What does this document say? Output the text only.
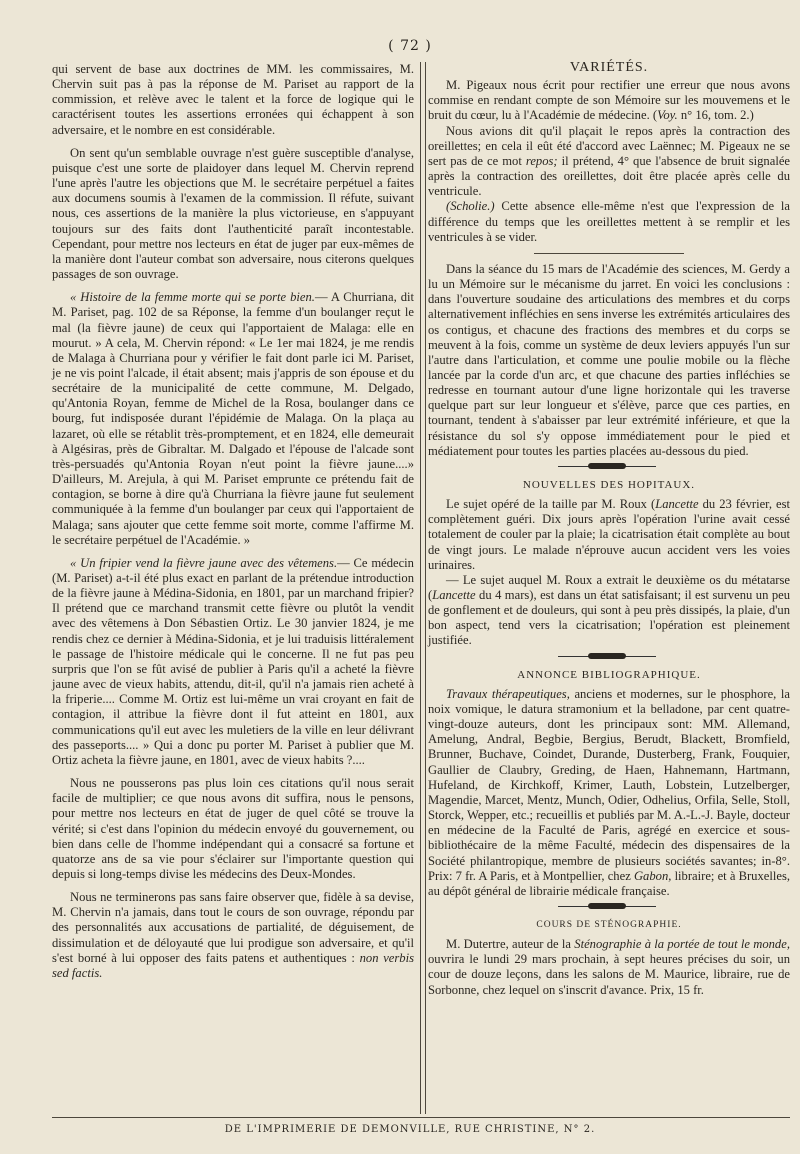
( 72 )

qui servent de base aux doctrines de MM. les commissaires, M. Chervin suit pas à pas la réponse de M. Pariset au rapport de la commission, et relève avec le talent et la force de logique qui le caractérisent toutes les assertions erronées qui échappent à son adversaire, et le nombre en est considérable.

On sent qu'un semblable ouvrage n'est guère susceptible d'analyse, puisque c'est une sorte de plaidoyer dans lequel M. Chervin reprend l'une après l'autre les objections que M. le secrétaire perpétuel a faites aux documens soumis à l'examen de la commission. Il réfute, suivant nous, ces assertions de la manière la plus victorieuse, en s'appuyant toujours sur des faits dont l'authenticité paraît incontestable. Cependant, pour mettre nos lecteurs en état de juger par eux-mêmes de la manière dont l'auteur combat son adversaire, nous citerons quelques passages de son ouvrage.

« Histoire de la femme morte qui se porte bien.— A Churriana, dit M. Pariset, pag. 102 de sa Réponse, la femme d'un boulanger reçut le mal (la fièvre jaune) de ceux qui l'apportaient de Malaga: elle en mourut. » A cela, M. Chervin répond: « Le 1er mai 1824, je me rendis de Malaga à Churriana pour y vérifier le fait dont parle ici M. Pariset, je ne vis point l'alcade, il était absent; mais j'appris de son épouse et du secrétaire de la municipalité de cette commune, M. Delgado, qu'Antonia Royan, femme de Michel de la Rosa, boulanger dans ce bourg, fut indisposée durant l'épidémie de Malaga. On la plaça au lazaret, où elle se rétablit très-promptement, et en 1824, elle demeurait à Algésiras, près de Gibraltar. M. Dalgado et l'épouse de l'alcade sont très-persuadés qu'Antonia Royan n'eut point la fièvre jaune....» D'ailleurs, M. Arejula, à qui M. Pariset emprunte ce prétendu fait de contagion, se borne à dire qu'à Churriana la fièvre jaune fut seulement communiquée à la femme d'un boulanger par ceux qui l'apportaient de Malaga; sans ajouter que cette femme soit morte, comme l'affirme M. le secrétaire perpétuel de l'Académie. »

« Un fripier vend la fièvre jaune avec des vêtemens.— Ce médecin (M. Pariset) a-t-il été plus exact en parlant de la prétendue introduction de la fièvre jaune à Médina-Sidonia, en 1801, par un marchand fripier? Il prétend que ce marchand transmit cette fièvre ou plutôt la vendit avec des vêtemens à Don Sébastien Ortiz. Le 30 janvier 1824, je me rendis chez ce dernier à Médina-Sidonia, et je lui traduisis littéralement le passage de l'histoire médicale qui le concerne. Il ne fut pas peu surpris que l'on se fût avisé de publier à Paris qu'il a acheté la fièvre jaune avec de vieux habits, attendu, dit-il, qu'il n'a jamais rien acheté à la friperie.... Comme M. Ortiz est lui-même un vrai croyant en fait de contagion, il attribue la fièvre dont il fut atteint en 1801, aux communications qu'il eut avec les muletiers de la ville en leur délivrant des passeports.... » Qui a donc pu porter M. Pariset à publier que M. Ortiz acheta la fièvre jaune, en 1801, avec de vieux habits ?....

Nous ne pousserons pas plus loin ces citations qu'il nous serait facile de multiplier; ce que nous avons dit suffira, nous le pensons, pour mettre nos lecteurs en état de juger de quel côté se trouve la vérité; si c'est dans l'opinion du médecin envoyé du gouvernement, ou bien dans celle de l'homme indépendant qui a consacré sa fortune et quatorze ans de sa vie pour s'éclairer sur l'importante question qui depuis si long-temps divise les médecins des Deux-Mondes.

Nous ne terminerons pas sans faire observer que, fidèle à sa devise, M. Chervin n'a jamais, dans tout le cours de son ouvrage, répondu par des personnalités aux accusations de partialité, de déguisement, de dissimulation et de déloyauté que lui prodigue son adversaire, et qu'il s'est borné à lui opposer des faits patens et authentiques : non verbis sed factis.

VARIÉTÉS.

M. Pigeaux nous écrit pour rectifier une erreur que nous avons commise en rendant compte de son Mémoire sur les mouvemens et le bruit du cœur, lu à l'Académie de médecine. (Voy. n° 16, tom. 2.)

Nous avions dit qu'il plaçait le repos après la contraction des oreillettes; en cela il eût été d'accord avec Laënnec; M. Pigeaux ne se sert pas de ce mot repos; il prétend, 4° que l'absence de bruit signalée après la contraction des oreillettes, doit être placée après celle du ventricule.

(Scholie.) Cette absence elle-même n'est que l'expression de la différence du temps que les oreillettes mettent à se remplir et les ventricules à se vider.

Dans la séance du 15 mars de l'Académie des sciences, M. Gerdy a lu un Mémoire sur le mécanisme du jarret. En voici les conclusions : dans l'ouverture soudaine des articulations des membres et du corps alternativement infléchies en sens inverse les extrémités articulaires des os contigus, et chacune des fractions des membres et du corps se meuvent à la fois, comme un système de deux leviers appuyés l'un sur l'autre dans l'articulation, et comme une poulie mobile ou la flèche lancée par la corde d'un arc, et que chacune des parties infléchies se redresse en tournant autour d'une ligne horizontale qui les traverse quelque part sur leur longueur et s'élève, parce que ces parties, en tournant, tendent à s'abaisser par leur extrémité inférieure, et que la résistance du sol s'y oppose immédiatement pour le pied et médiatement pour toutes les parties placées au-dessous du pied.

NOUVELLES DES HOPITAUX.

Le sujet opéré de la taille par M. Roux (Lancette du 23 février, est complètement guéri. Dix jours après l'opération l'urine avait cessé totalement de couler par la plaie; la cicatrisation était complète au bout de vingt jours. Le malade n'éprouve aucun accident vers les voies urinaires.

— Le sujet auquel M. Roux a extrait le deuxième os du métatarse (Lancette du 4 mars), est dans un état satisfaisant; il est survenu un peu de gonflement et de douleurs, qui sont à peu près dissipés, la plaie, d'un bon aspect, tend vers la cicatrisation; l'opération est pleinement justifiée.

ANNONCE BIBLIOGRAPHIQUE.

Travaux thérapeutiques, anciens et modernes, sur le phosphore, la noix vomique, le datura stramonium et la belladone, par cent quatre-vingt-douze auteurs, dont les principaux sont: MM. Allemand, Amelung, Andral, Begbie, Bergius, Berudt, Blackett, Bromfield, Brunner, Buchave, Coindet, Durande, Dusterberg, Frank, Fouquier, Gaullier de Claubry, Greding, de Haen, Hahnemann, Hartmann, Hufeland, de Kirchkoff, Krimer, Lauth, Lobstein, Lutzelberger, Magendie, Marcet, Mentz, Munch, Odier, Odhelius, Orfila, Selle, Stoll, Storck, Wepper, etc.; recueillis et publiés par M. A.-L.-J. Bayle, docteur en médecine de la Faculté de Paris, agrégé en exercice et sous-bibliothécaire de la même Faculté, médecin des dispensaires de la Société philantropique, membre de plusieurs sociétés savantes; in-8°. Prix: 7 fr. A Paris, et à Montpellier, chez Gabon, libraire; et à Bruxelles, au dépôt général de librairie médicale française.

COURS DE STÉNOGRAPHIE.

M. Dutertre, auteur de la Sténographie à la portée de tout le monde, ouvrira le lundi 29 mars prochain, à sept heures précises du soir, un cour de douze leçons, dans les salons de M. Maurice, libraire, rue de Sorbonne, chez lequel on s'inscrit d'avance. Prix, 15 fr.

DE L'IMPRIMERIE DE DEMONVILLE, RUE CHRISTINE, N° 2.
